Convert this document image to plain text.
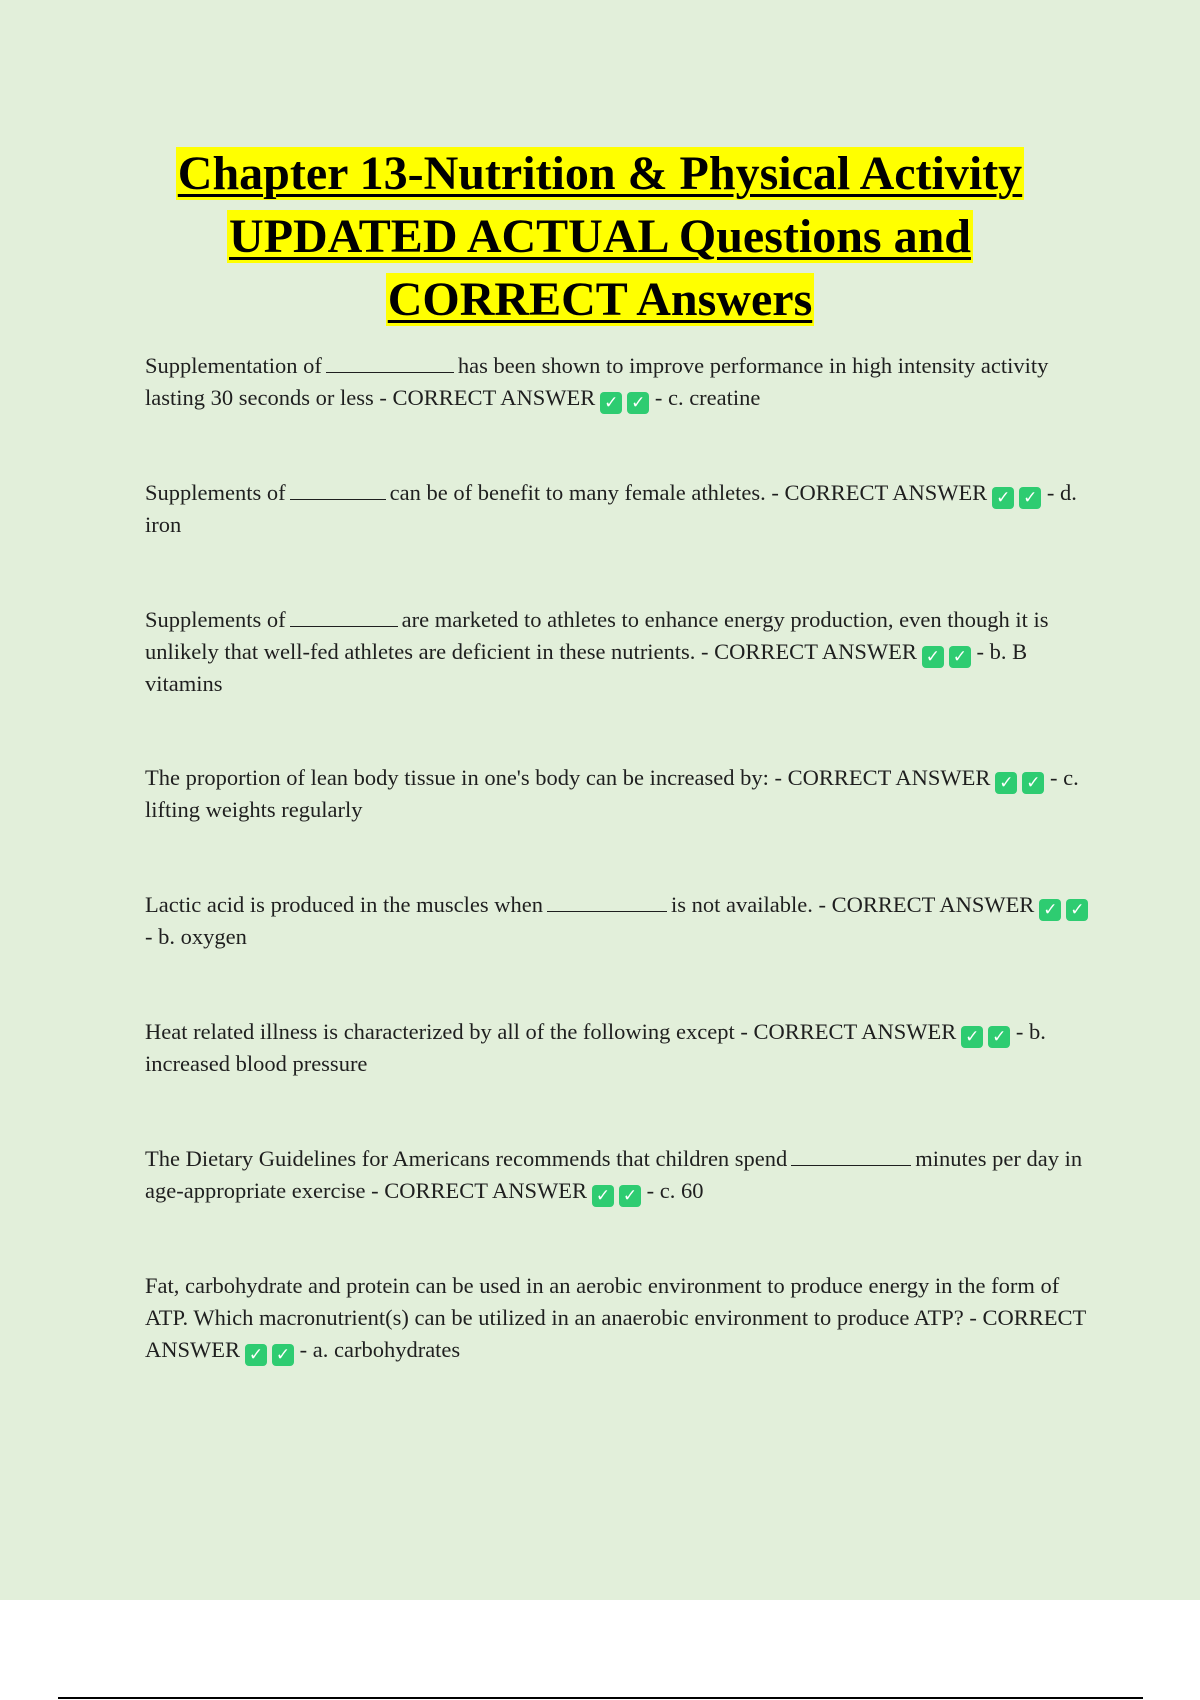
Chapter 13-Nutrition & Physical Activity
UPDATED ACTUAL Questions and
CORRECT Answers

Supplementation of	has been shown to improve performance in high intensity activity lasting 30 seconds or less - CORRECT ANSWER ✓ ✓ - c. creatine

Supplements of	can be of benefit to many female athletes. - CORRECT ANSWER ✓ ✓ - d. iron

Supplements of	are marketed to athletes to enhance energy production, even though it is unlikely that well-fed athletes are deficient in these nutrients. - CORRECT ANSWER ✓ ✓ - b. B vitamins

The proportion of lean body tissue in one's body can be increased by: - CORRECT ANSWER ✓ ✓ - c. lifting weights regularly

Lactic acid is produced in the muscles when	is not available. - CORRECT ANSWER ✓ ✓ - b. oxygen

Heat related illness is characterized by all of the following except - CORRECT ANSWER ✓ ✓ - b. increased blood pressure

The Dietary Guidelines for Americans recommends that children spend	minutes per day in age-appropriate exercise - CORRECT ANSWER ✓ ✓ - c. 60

Fat, carbohydrate and protein can be used in an aerobic environment to produce energy in the form of ATP. Which macronutrient(s) can be utilized in an anaerobic environment to produce ATP? - CORRECT ANSWER ✓ ✓ - a. carbohydrates
